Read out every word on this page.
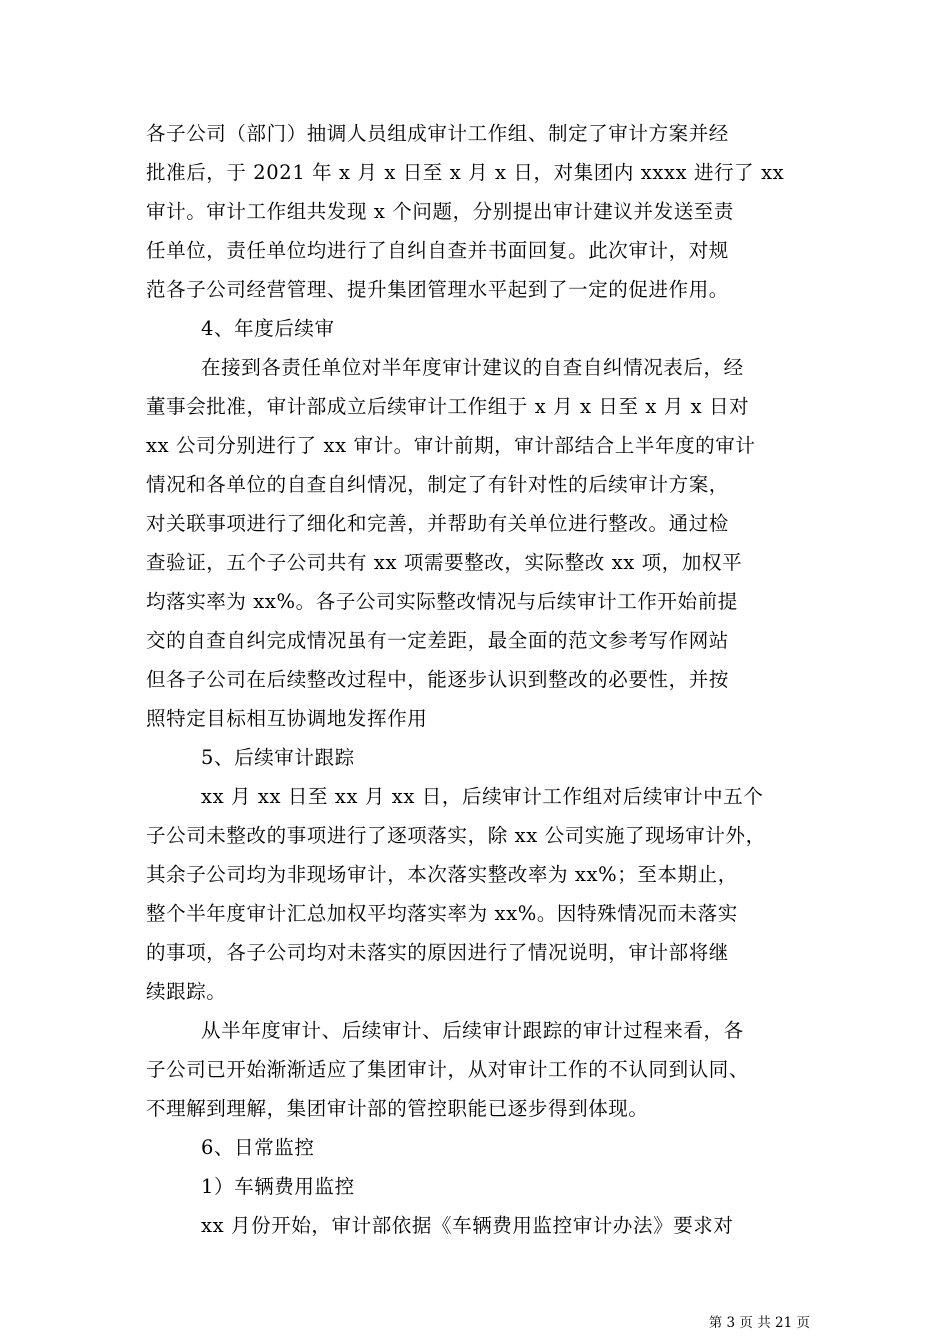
各子公司（部门）抽调人员组成审计工作组、制定了审计方案并经
批准后，于 2021 年 x 月 x 日至 x 月 x 日，对集团内 xxxx 进行了 xx
审计。审计工作组共发现 x 个问题，分别提出审计建议并发送至责
任单位，责任单位均进行了自纠自查并书面回复。此次审计，对规
范各子公司经营管理、提升集团管理水平起到了一定的促进作用。
4、年度后续审
在接到各责任单位对半年度审计建议的自查自纠情况表后，经
董事会批准，审计部成立后续审计工作组于 x 月 x 日至 x 月 x 日对
xx 公司分别进行了 xx 审计。审计前期，审计部结合上半年度的审计
情况和各单位的自查自纠情况，制定了有针对性的后续审计方案，
对关联事项进行了细化和完善，并帮助有关单位进行整改。通过检
查验证，五个子公司共有 xx 项需要整改，实际整改 xx 项，加权平
均落实率为 xx%。各子公司实际整改情况与后续审计工作开始前提
交的自查自纠完成情况虽有一定差距，最全面的范文参考写作网站
但各子公司在后续整改过程中，能逐步认识到整改的必要性，并按
照特定目标相互协调地发挥作用
5、后续审计跟踪
xx 月 xx 日至 xx 月 xx 日，后续审计工作组对后续审计中五个
子公司未整改的事项进行了逐项落实，除 xx 公司实施了现场审计外，
其余子公司均为非现场审计，本次落实整改率为 xx%；至本期止，
整个半年度审计汇总加权平均落实率为 xx%。因特殊情况而未落实
的事项，各子公司均对未落实的原因进行了情况说明，审计部将继
续跟踪。
从半年度审计、后续审计、后续审计跟踪的审计过程来看，各
子公司已开始渐渐适应了集团审计，从对审计工作的不认同到认同、
不理解到理解，集团审计部的管控职能已逐步得到体现。
6、日常监控
1）车辆费用监控
xx 月份开始，审计部依据《车辆费用监控审计办法》要求对
第 3 页 共 21 页
